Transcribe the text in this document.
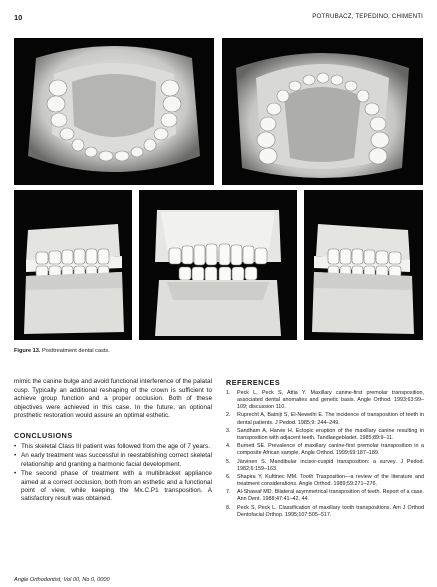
10	POTRUBACZ, TEPEDINO, CHIMENTI
Figure 13. Posttreatment dental casts.

mimic the canine bulge and avoid functional interference of the palatal cusp. Typically an additional reshaping of the crown is sufficient to achieve group function and a proper occlusion. Both of these objectives were achieved in this case. In the future, an optional prosthetic restoration would assure an optimal esthetic.

CONCLUSIONS
• This skeletal Class III patient was followed from the age of 7 years.
• An early treatment was successful in reestablishing correct skeletal relationship and granting a harmonic facial development.
• The second phase of treatment with a multibracket appliance aimed at a correct occlusion, both from an esthetic and a functional point of view, while keeping the Mx.C.P1 transposition. A satisfactory result was obtained.
REFERENCES
1. Peck L, Peck S, Attia Y. Maxillary canine-first premolar transposition, associated dental anomalies and genetic basis. Angle Orthod. 1993;63:99–109; discussion 110.
2. Ruprecht A, Batniji S, El-Neweihi E. The incidence of transposition of teeth in dental patients. J Pedod. 1985;9: 244–249.
3. Sandham A, Harvie H. Ectopic eruption of the maxillary canine resulting in transposition with adjacent teeth. Tandlaegebladet. 1985;89:9–11.
4. Burnett SE. Prevalence of maxillary canine-first premolar transposition in a composite African sample. Angle Orthod. 1999;69:187–189.
5. Järvinen S. Mandibular incisor-cuspid transposition: a survey. J Pedod. 1982;6:159–163.
6. Shapira Y, Kuftinec MM. Tooth Trasposition—a review of the literature and treatment considerations. Angle Orthod. 1989;59:271–276.
7. Al-Shawaf MD. Bilateral asymmetrical transposition of teeth. Report of a case. Ann Dent. 1988;47:41–42, 44.
8. Peck S, Peck L. Classification of maxillary tooth transpositions. Am J Orthod Dentofacial Orthop. 1995;107:505–517.
Angle Orthodontist, Vol 00, No 0, 0000
